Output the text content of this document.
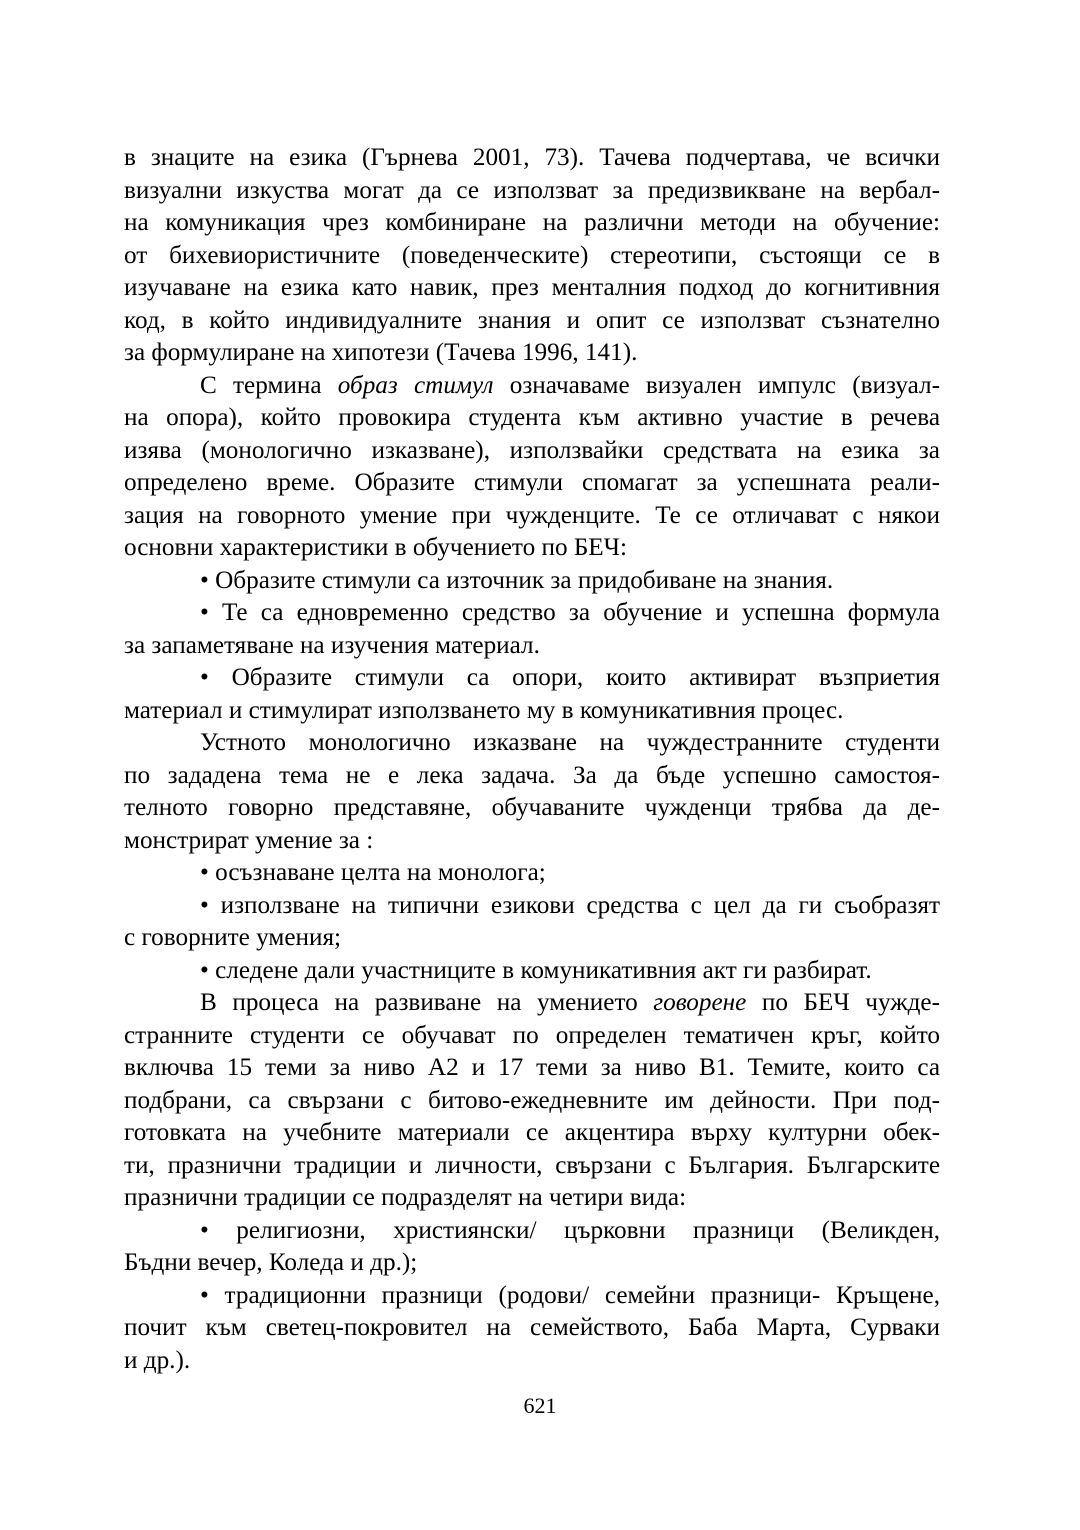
в знаците на езика (Гърнева 2001, 73). Тачева подчертава, че всички
визуални изкуства могат да се използват за предизвикване на вербал-
на комуникация чрез комбиниране на различни методи на обучение:
от бихевиористичните (поведенческите) стереотипи, състоящи се в
изучаване на езика като навик, през менталния подход до когнитивния
код, в който индивидуалните знания и опит се използват съзнателно
за формулиране на хипотези (Тачева 1996, 141).
С термина образ стимул означаваме визуален импулс (визуал-
на опора), който провокира студента към активно участие в речева
изява (монологично изказване), използвайки средствата на езика за
определено време. Образите стимули спомагат за успешната реали-
зация на говорното умение при чужденците. Те се отличават с някои
основни характеристики в обучението по БЕЧ:
• Образите стимули са източник за придобиване на знания.
• Те са едновременно средство за обучение и успешна формула
за запаметяване на изучения материал.
• Образите стимули са опори, които активират възприетия
материал и стимулират използването му в комуникативния процес.
Устното монологично изказване на чуждестранните студенти
по зададена тема не е лека задача. За да бъде успешно самостоя-
телното говорно представяне, обучаваните чужденци трябва да де-
монстрират умение за :
• осъзнаване целта на монолога;
• използване на типични езикови средства с цел да ги съобразят
с говорните умения;
• следене дали участниците в комуникативния акт ги разбират.
В процеса на развиване на умението говорене по БЕЧ чужде-
странните студенти се обучават по определен тематичен кръг, който
включва 15 теми за ниво А2 и 17 теми за ниво В1. Темите, които са
подбрани, са свързани с битово-ежедневните им дейности. При под-
готовката на учебните материали се акцентира върху културни обек-
ти, празнични традиции и личности, свързани с България. Българските
празнични традиции се подразделят на четири вида:
• религиозни, християнски/ църковни празници (Великден,
Бъдни вечер, Коледа и др.);
• традиционни празници (родови/ семейни празници- Кръщене,
почит към светец-покровител на семейството, Баба Марта, Сурваки
и др.).
621
